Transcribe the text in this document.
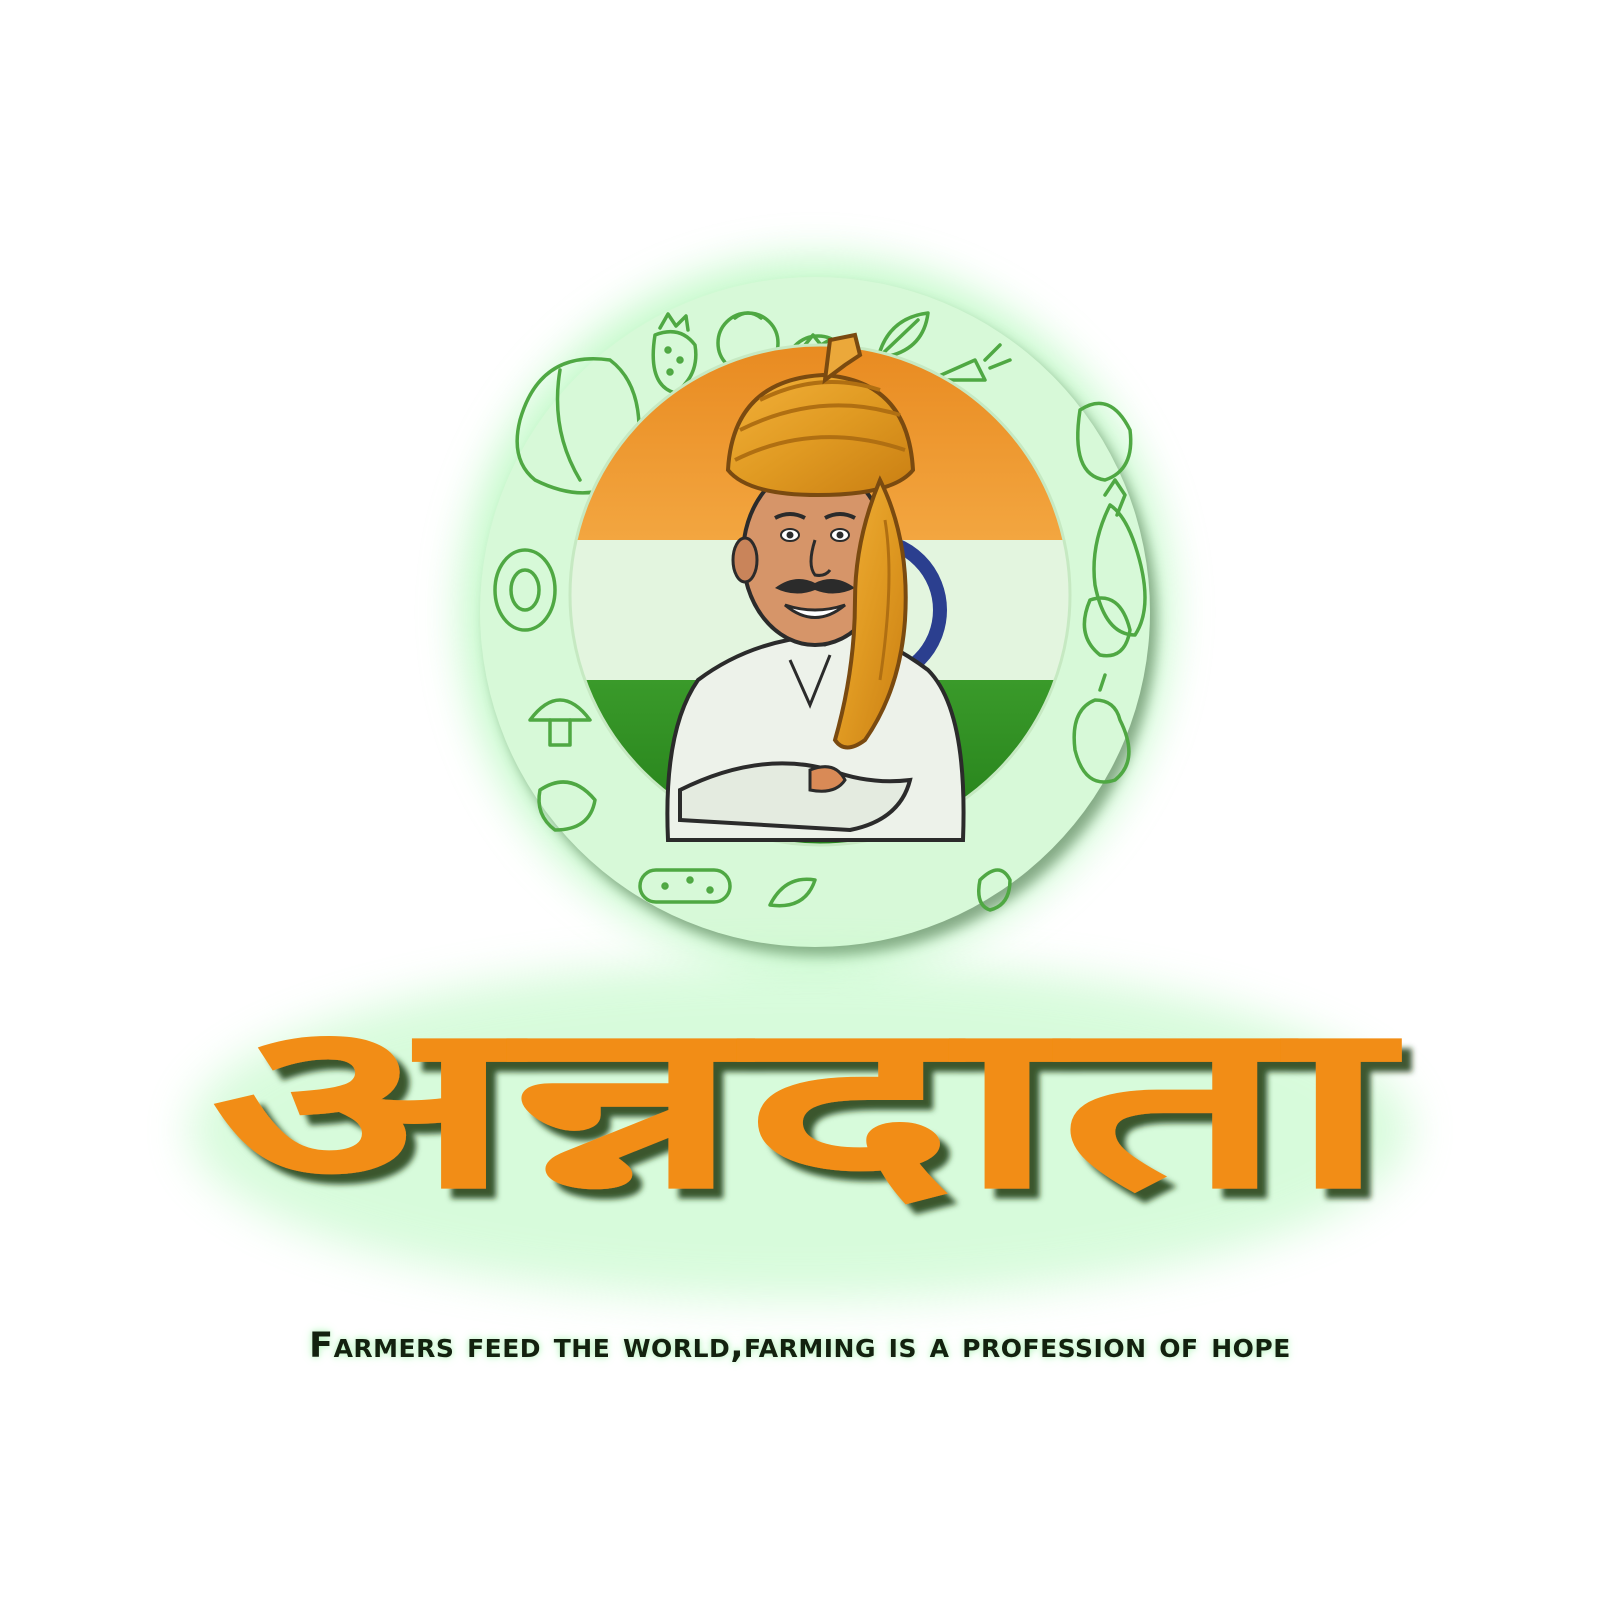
अन्नदाता
Farmers feed the world,farming is a profession of hope
